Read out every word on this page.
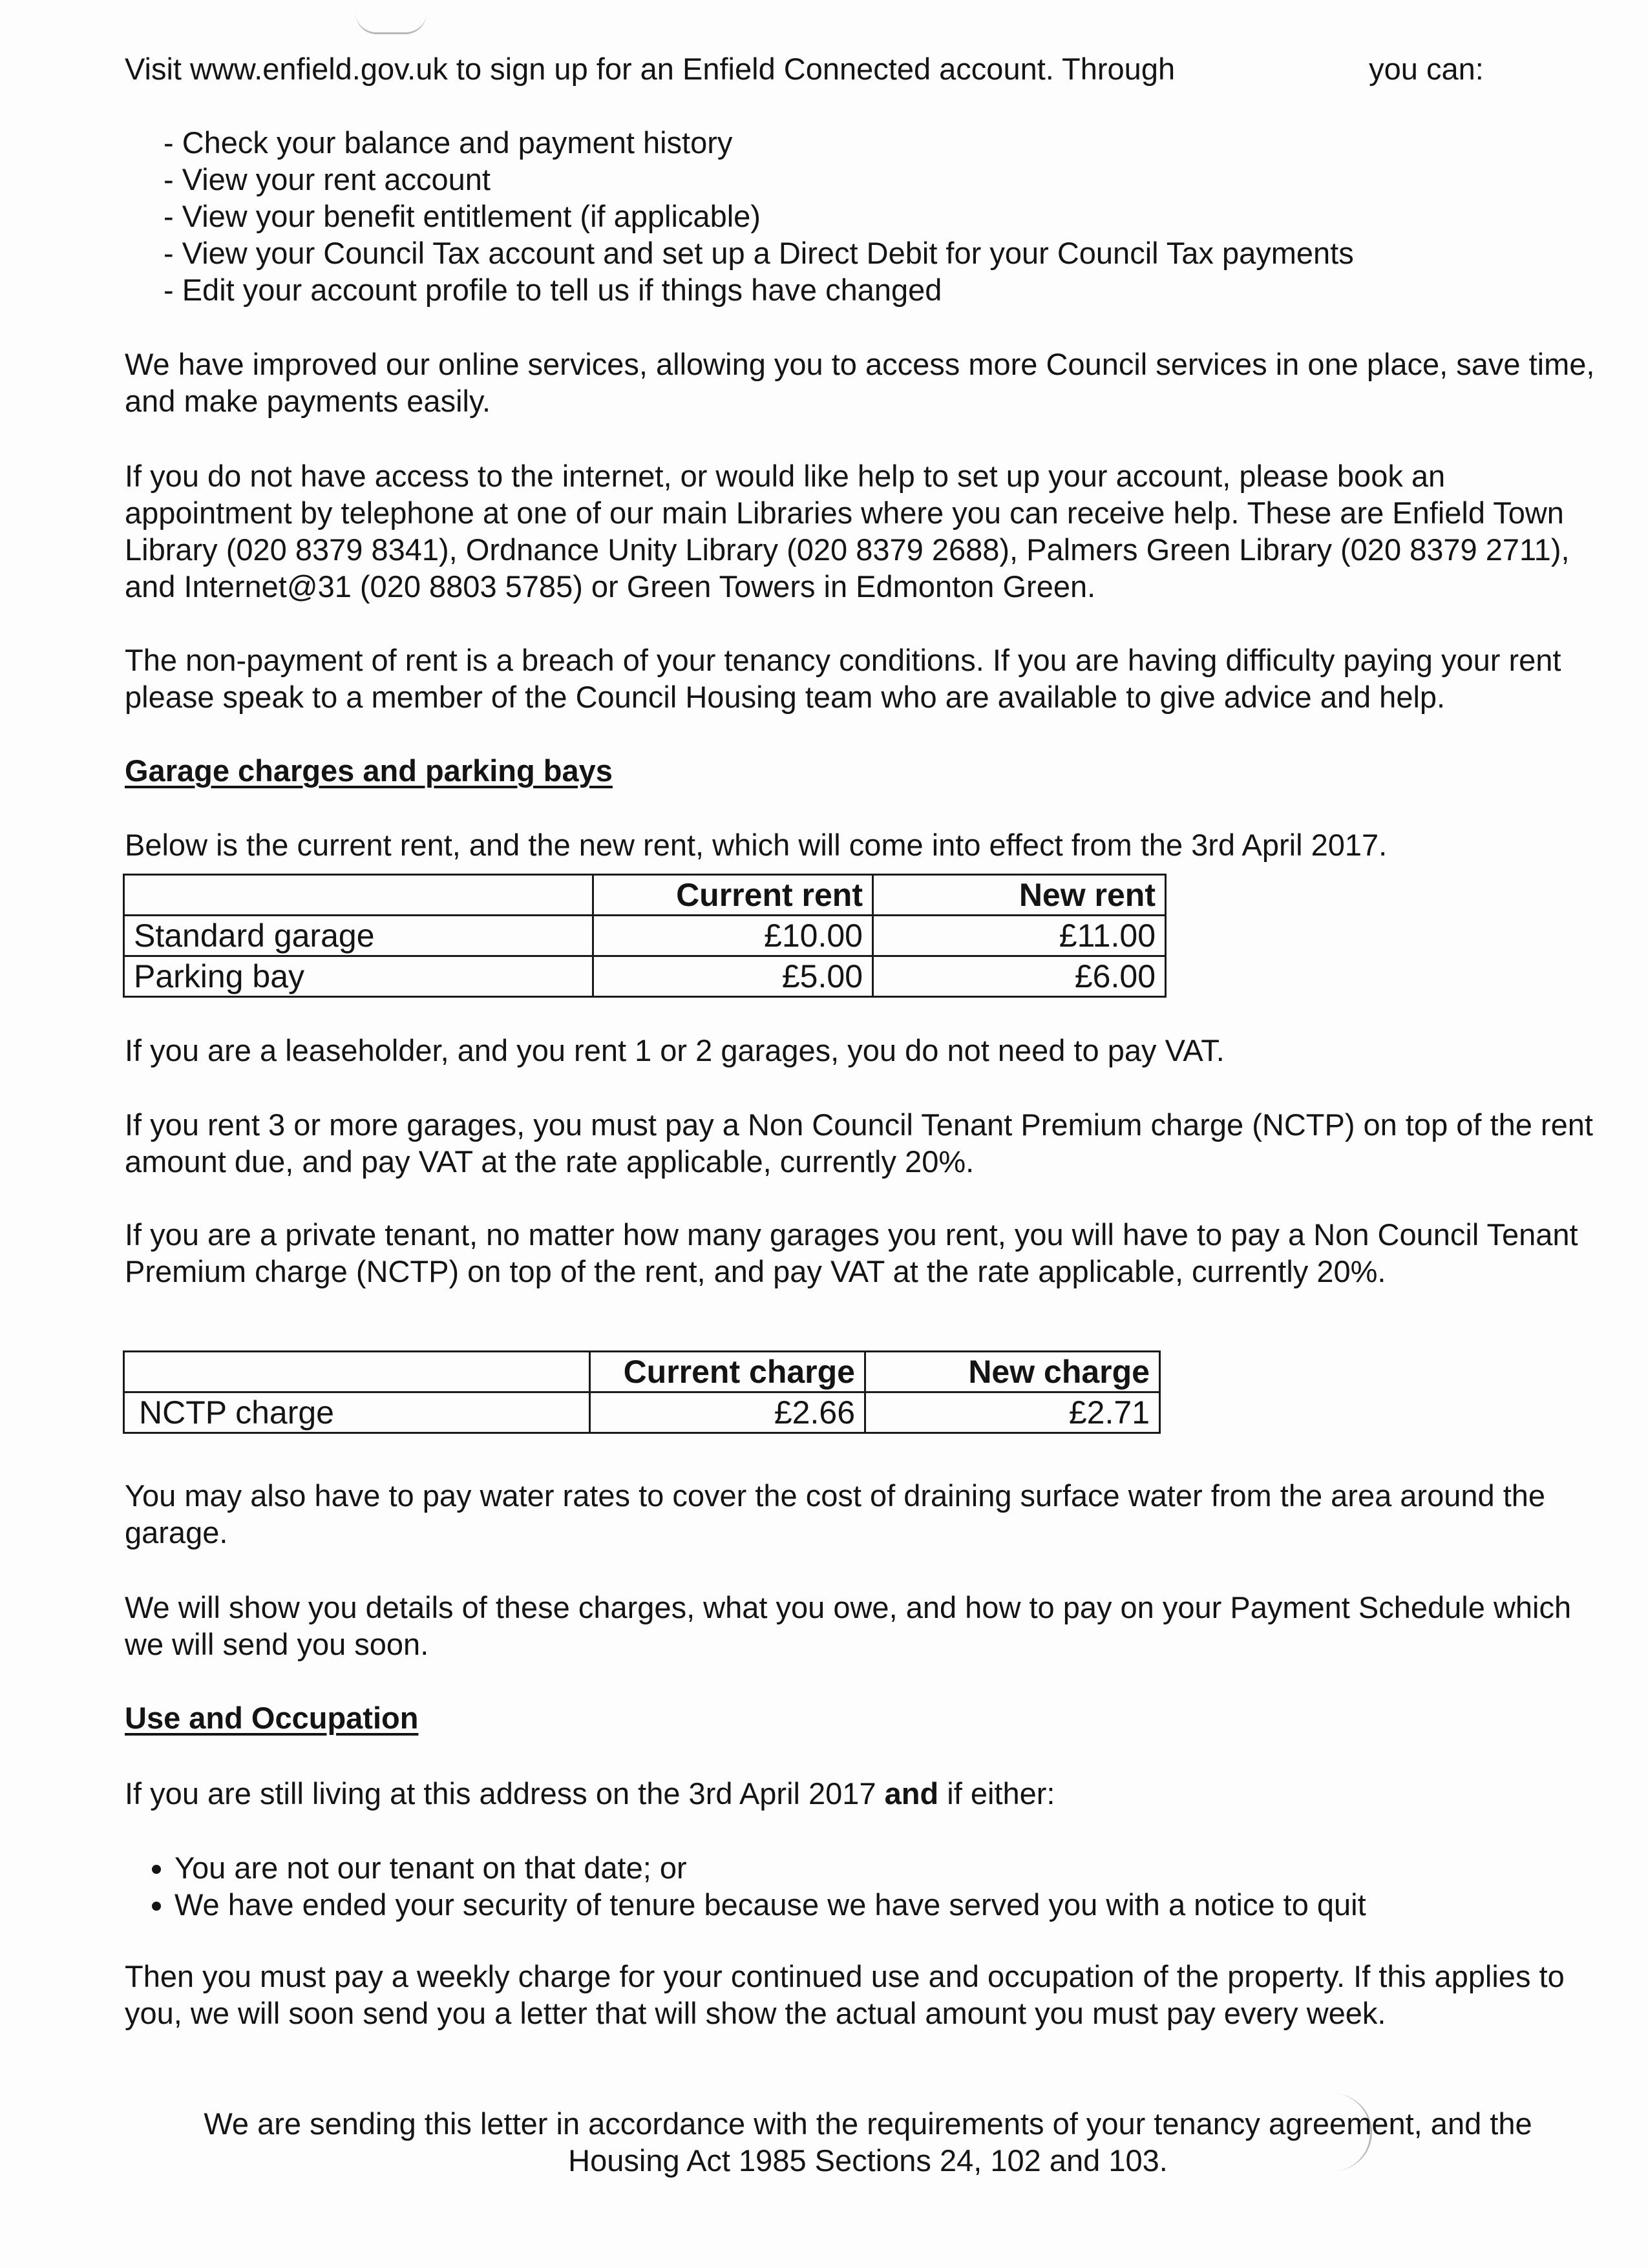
Visit www.enfield.gov.uk to sign up for an Enfield Connected account. Through	you can:
- Check your balance and payment history
- View your rent account
- View your benefit entitlement (if applicable)
- View your Council Tax account and set up a Direct Debit for your Council Tax payments
- Edit your account profile to tell us if things have changed

We have improved our online services, allowing you to access more Council services in one place, save time, and make payments easily.

If you do not have access to the internet, or would like help to set up your account, please book an appointment by telephone at one of our main Libraries where you can receive help. These are Enfield Town Library (020 8379 8341), Ordnance Unity Library (020 8379 2688), Palmers Green Library (020 8379 2711), and Internet@31 (020 8803 5785) or Green Towers in Edmonton Green.

The non-payment of rent is a breach of your tenancy conditions. If you are having difficulty paying your rent please speak to a member of the Council Housing team who are available to give advice and help.

Garage charges and parking bays

Below is the current rent, and the new rent, which will come into effect from the 3rd April 2017.

	Current rent	New rent
Standard garage	£10.00	£11.00
Parking bay	£5.00	£6.00

If you are a leaseholder, and you rent 1 or 2 garages, you do not need to pay VAT.

If you rent 3 or more garages, you must pay a Non Council Tenant Premium charge (NCTP) on top of the rent amount due, and pay VAT at the rate applicable, currently 20%.

If you are a private tenant, no matter how many garages you rent, you will have to pay a Non Council Tenant Premium charge (NCTP) on top of the rent, and pay VAT at the rate applicable, currently 20%.

	Current charge	New charge
NCTP charge	£2.66	£2.71

You may also have to pay water rates to cover the cost of draining surface water from the area around the garage.

We will show you details of these charges, what you owe, and how to pay on your Payment Schedule which we will send you soon.

Use and Occupation

If you are still living at this address on the 3rd April 2017 and if either:

• You are not our tenant on that date; or
• We have ended your security of tenure because we have served you with a notice to quit

Then you must pay a weekly charge for your continued use and occupation of the property. If this applies to you, we will soon send you a letter that will show the actual amount you must pay every week.

We are sending this letter in accordance with the requirements of your tenancy agreement, and the
Housing Act 1985 Sections 24, 102 and 103.
